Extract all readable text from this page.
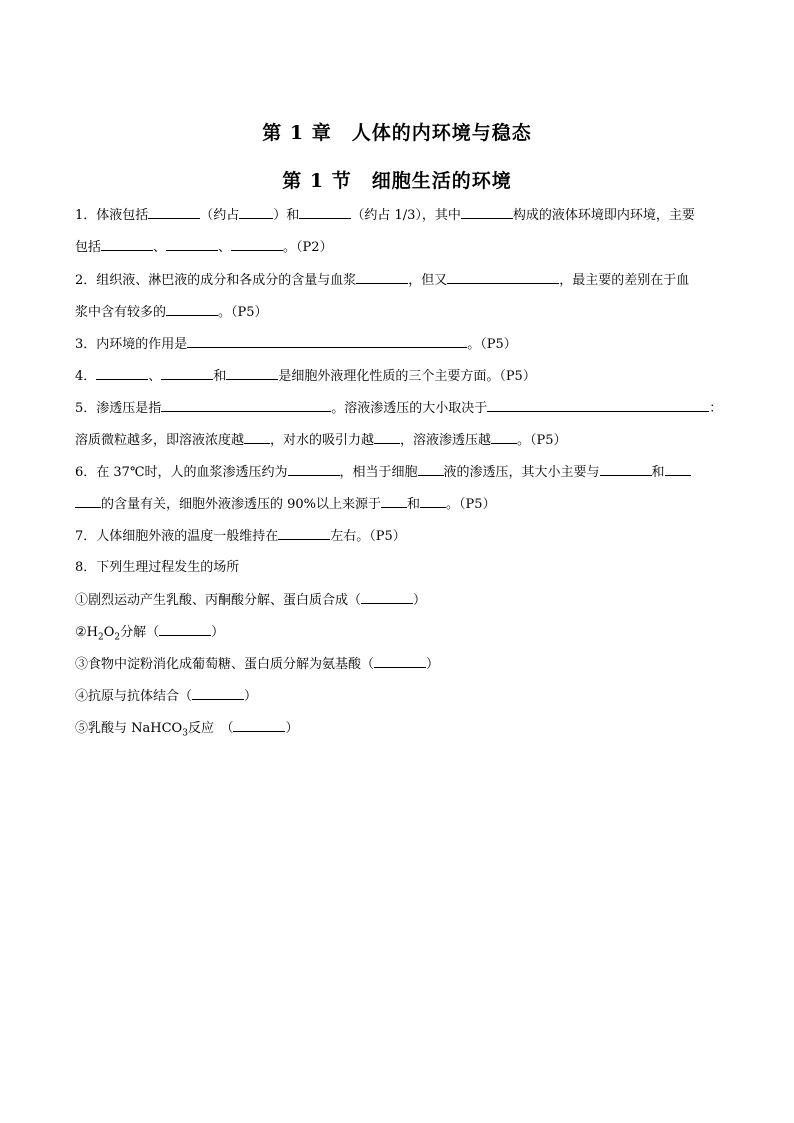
第 1 章　人体的内环境与稳态
第 1 节　细胞生活的环境
1．体液包括	（约占	）和	（约占 1/3），其中	构成的液体环境即内环境，主要
包括	、	、	。（P2）
2．组织液、淋巴液的成分和各成分的含量与血浆	，但又	，最主要的差别在于血
浆中含有较多的	。（P5）
3．内环境的作用是	。（P5）
4．	、	和	是细胞外液理化性质的三个主要方面。（P5）
5．渗透压是指	。溶液渗透压的大小取决于	：
溶质微粒越多，即溶液浓度越 ，对水的吸引力越 ，溶液渗透压越 。（P5）
6．在 37℃时，人的血浆渗透压约为	，相当于细胞 液的渗透压，其大小主要与	和
的含量有关，细胞外液渗透压的 90%以上来源于 和 。（P5）
7．人体细胞外液的温度一般维持在	左右。（P5）
8．下列生理过程发生的场所
①剧烈运动产生乳酸、丙酮酸分解、蛋白质合成（	）
$②H_2O_2$分解（	）
③食物中淀粉消化成葡萄糖、蛋白质分解为氨基酸（	）
④抗原与抗体结合（	）
⑤乳酸与 NaHCO$_3$反应　（	）
